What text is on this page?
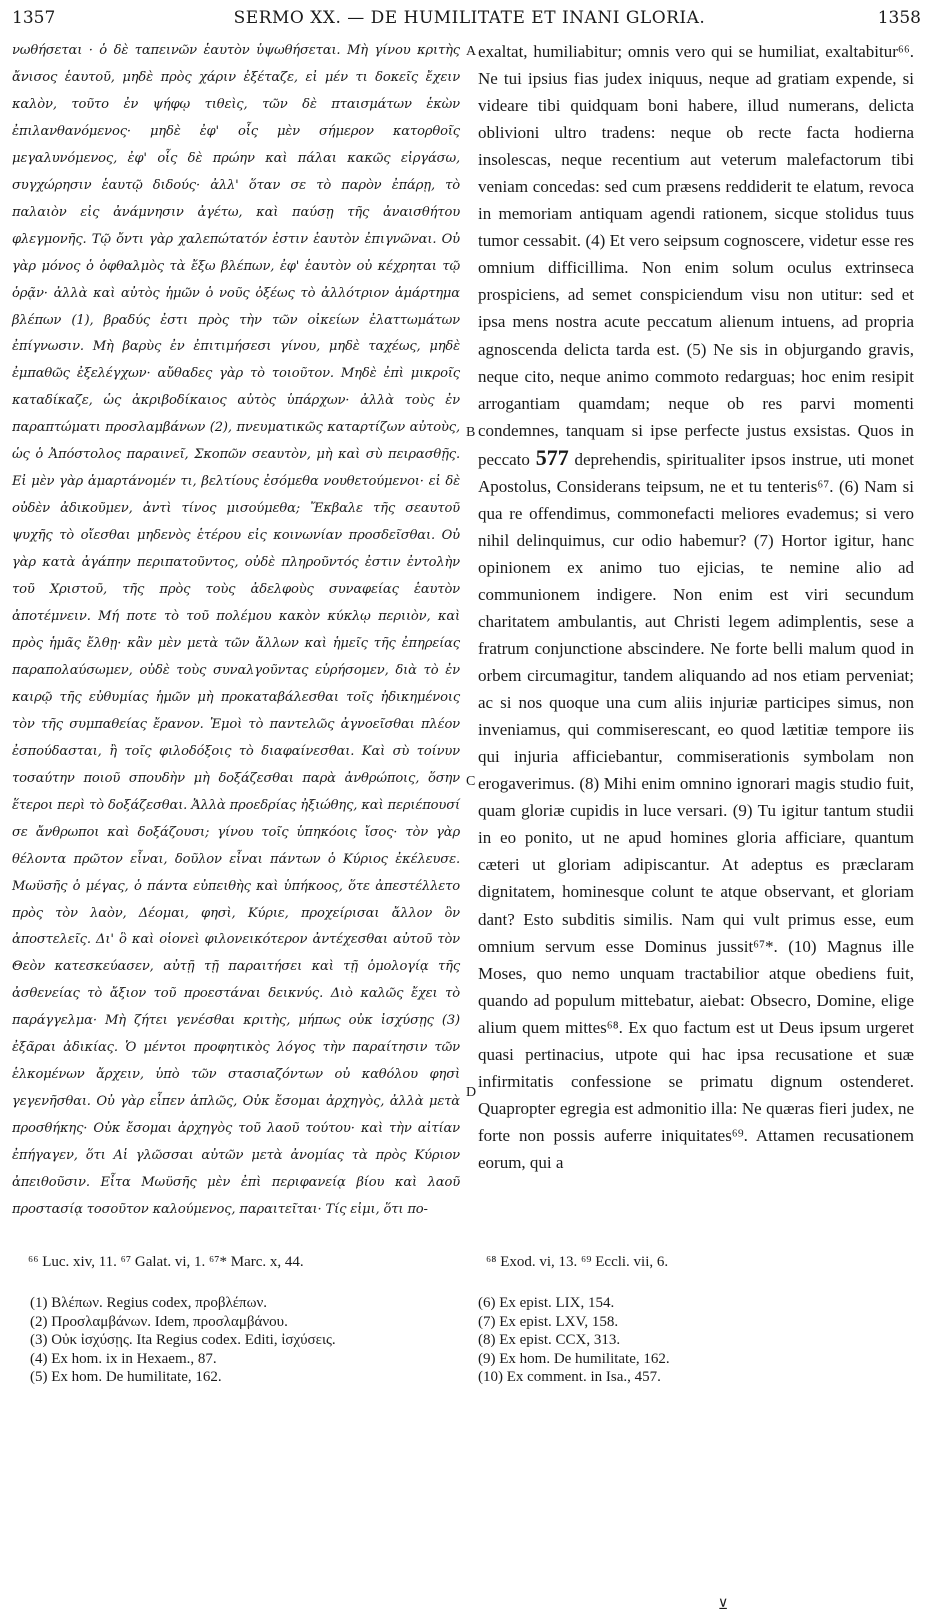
1357	SERMO XX. — DE HUMILITATE ET INANI GLORIA.	1358

νωθήσεται · ὁ δὲ ταπεινῶν ἑαυτὸν ὑψωθήσεται. Μὴ γίνου κριτὴς ἄνισος ἑαυτοῦ, μηδὲ πρὸς χάριν ἐξέταζε, εἰ μέν τι δοκεῖς ἔχειν καλὸν, τοῦτο ἐν ψήφῳ τιθεὶς, τῶν δὲ πταισμάτων ἑκὼν ἐπιλανθανόμενος· μηδὲ ἐφ' οἷς μὲν σήμερον κατορθοῖς μεγαλυνόμενος, ἐφ' οἷς δὲ πρώην καὶ πάλαι κακῶς εἰργάσω, συγχώρησιν ἑαυτῷ διδούς· ἀλλ' ὅταν σε τὸ παρὸν ἐπάρῃ, τὸ παλαιὸν εἰς ἀνάμνησιν ἀγέτω, καὶ παύσῃ τῆς ἀναισθήτου φλεγμονῆς. Τῷ ὄντι γὰρ χαλεπώτατόν ἐστιν ἑαυτὸν ἐπιγνῶναι. Οὐ γὰρ μόνος ὁ ὀφθαλμὸς τὰ ἔξω βλέπων, ἐφ' ἑαυτὸν οὐ κέχρηται τῷ ὁρᾷν· ἀλλὰ καὶ αὐτὸς ἡμῶν ὁ νοῦς ὀξέως τὸ ἀλλότριον ἁμάρτημα βλέπων (1), βραδύς ἐστι πρὸς τὴν τῶν οἰκείων ἐλαττωμάτων ἐπίγνωσιν. Μὴ βαρὺς ἐν ἐπιτιμήσεσι γίνου, μηδὲ ταχέως, μηδὲ ἐμπαθῶς ἐξελέγχων· αὔθαδες γὰρ τὸ τοιοῦτον. Μηδὲ ἐπὶ μικροῖς καταδίκαζε, ὡς ἀκριβοδίκαιος αὐτὸς ὑπάρχων· ἀλλὰ τοὺς ἐν παραπτώματι προσλαμβάνων (2), πνευματικῶς καταρτίζων αὐτοὺς, ὡς ὁ Ἀπόστολος παραινεῖ, Σκοπῶν σεαυτὸν, μὴ καὶ σὺ πειρασθῇς. Εἰ μὲν γὰρ ἁμαρτάνομέν τι, βελτίους ἐσόμεθα νουθετούμενοι· εἰ δὲ οὐδὲν ἀδικοῦμεν, ἀντὶ τίνος μισούμεθα; Ἔκβαλε τῆς σεαυτοῦ ψυχῆς τὸ οἴεσθαι μηδενὸς ἑτέρου εἰς κοινωνίαν προσδεῖσθαι. Οὐ γὰρ κατὰ ἀγάπην περιπατοῦντος, οὐδὲ πληροῦντός ἐστιν ἐντολὴν τοῦ Χριστοῦ, τῆς πρὸς τοὺς ἀδελφοὺς συναφείας ἑαυτὸν ἀποτέμνειν. Μή ποτε τὸ τοῦ πολέμου κακὸν κύκλῳ περιιὸν, καὶ πρὸς ἡμᾶς ἔλθῃ· κἂν μὲν μετὰ τῶν ἄλλων καὶ ἡμεῖς τῆς ἐπηρείας παραπολαύσωμεν, οὐδὲ τοὺς συναλγοῦντας εὑρήσομεν, διὰ τὸ ἐν καιρῷ τῆς εὐθυμίας ἡμῶν μὴ προκαταβάλεσθαι τοῖς ἠδικημένοις τὸν τῆς συμπαθείας ἔρανον. Ἐμοὶ τὸ παντελῶς ἀγνοεῖσθαι πλέον ἐσπούδασται, ἢ τοῖς φιλοδόξοις τὸ διαφαίνεσθαι. Καὶ σὺ τοίνυν τοσαύτην ποιοῦ σπουδὴν μὴ δοξάζεσθαι παρὰ ἀνθρώποις, ὅσην ἕτεροι περὶ τὸ δοξάζεσθαι. Ἀλλὰ προεδρίας ἠξιώθης, καὶ περιέπουσί σε ἄνθρωποι καὶ δοξάζουσι; γίνου τοῖς ὑπηκόοις ἴσος· τὸν γὰρ θέλοντα πρῶτον εἶναι, δοῦλον εἶναι πάντων ὁ Κύριος ἐκέλευσε. Μωϋσῆς ὁ μέγας, ὁ πάντα εὐπειθὴς καὶ ὑπήκοος, ὅτε ἀπεστέλλετο πρὸς τὸν λαὸν, Δέομαι, φησὶ, Κύριε, προχείρισαι ἄλλον ὃν ἀποστελεῖς. Δι' ὃ καὶ οἱονεὶ φιλονεικότερον ἀντέχεσθαι αὐτοῦ τὸν Θεὸν κατεσκεύασεν, αὐτῇ τῇ παραιτήσει καὶ τῇ ὁμολογίᾳ τῆς ἀσθενείας τὸ ἄξιον τοῦ προεστάναι δεικνύς. Διὸ καλῶς ἔχει τὸ παράγγελμα· Μὴ ζήτει γενέσθαι κριτὴς, μήπως οὐκ ἰσχύσῃς (3) ἐξᾶραι ἀδικίας. Ὁ μέντοι προφητικὸς λόγος τὴν παραίτησιν τῶν ἑλκομένων ἄρχειν, ὑπὸ τῶν στασιαζόντων οὐ καθόλου φησὶ γεγενῆσθαι. Οὐ γὰρ εἶπεν ἁπλῶς, Οὐκ ἔσομαι ἀρχηγὸς, ἀλλὰ μετὰ προσθήκης· Οὐκ ἔσομαι ἀρχηγὸς τοῦ λαοῦ τούτου· καὶ τὴν αἰτίαν ἐπήγαγεν, ὅτι Αἱ γλῶσσαι αὐτῶν μετὰ ἀνομίας τὰ πρὸς Κύριον ἀπειθοῦσιν. Εἶτα Μωϋσῆς μὲν ἐπὶ περιφανείᾳ βίου καὶ λαοῦ προστασίᾳ τοσοῦτον καλούμενος, παραιτεῖται· Τίς εἰμι, ὅτι πο-

exaltat, humiliabitur; omnis vero qui se humiliat, exaltabitur⁶⁶. Ne tui ipsius fias judex iniquus, neque ad gratiam expende, si videare tibi quidquam boni habere, illud numerans, delicta oblivioni ultro tradens: neque ob recte facta hodierna insolescas, neque recentium aut veterum malefactorum tibi veniam concedas: sed cum præsens reddiderit te elatum, revoca in memoriam antiquam agendi rationem, sicque stolidus tuus tumor cessabit. (4) Et vero seipsum cognoscere, videtur esse res omnium difficillima. Non enim solum oculus extrinseca prospiciens, ad semet conspiciendum visu non utitur: sed et ipsa mens nostra acute peccatum alienum intuens, ad propria agnoscenda delicta tarda est. (5) Ne sis in objurgando gravis, neque cito, neque animo commoto redarguas; hoc enim resipit arrogantiam quamdam; neque ob res parvi momenti condemnes, tanquam si ipse perfecte justus exsistas. Quos in peccato 577 deprehendis, spiritualiter ipsos instrue, uti monet Apostolus, Considerans teipsum, ne et tu tenteris⁶⁷. (6) Nam si qua re offendimus, commonefacti meliores evademus; si vero nihil delinquimus, cur odio habemur? (7) Hortor igitur, hanc opinionem ex animo tuo ejicias, te nemine alio ad communionem indigere. Non enim est viri secundum charitatem ambulantis, aut Christi legem adimplentis, sese a fratrum conjunctione abscindere. Ne forte belli malum quod in orbem circumagitur, tandem aliquando ad nos etiam perveniat; ac si nos quoque una cum aliis injuriæ participes simus, non inveniamus, qui commiserescant, eo quod lætitiæ tempore iis qui injuria afficiebantur, commiserationis symbolam non erogaverimus. (8) Mihi enim omnino ignorari magis studio fuit, quam gloriæ cupidis in luce versari. (9) Tu igitur tantum studii in eo ponito, ut ne apud homines gloria afficiare, quantum cæteri ut gloriam adipiscantur. At adeptus es præclaram dignitatem, hominesque colunt te atque observant, et gloriam dant? Esto subditis similis. Nam qui vult primus esse, eum omnium servum esse Dominus jussit⁶⁷*. (10) Magnus ille Moses, quo nemo unquam tractabilior atque obediens fuit, quando ad populum mittebatur, aiebat: Obsecro, Domine, elige alium quem mittes⁶⁸. Ex quo factum est ut Deus ipsum urgeret quasi pertinacius, utpote qui hac ipsa recusatione et suæ infirmitatis confessione se primatu dignum ostenderet. Quapropter egregia est admonitio illa: Ne quæras fieri judex, ne forte non possis auferre iniquitates⁶⁹. Attamen recusationem eorum, qui a

A
B
C
D
⁶⁶ Luc. xiv, 11. ⁶⁷ Galat. vi, 1. ⁶⁷* Marc. x, 44.	⁶⁸ Exod. vi, 13. ⁶⁹ Eccli. vii, 6.
(1) Βλέπων. Regius codex, προβλέπων.
(2) Προσλαμβάνων. Idem, προσλαμβάνου.
(3) Οὐκ ἰσχύσῃς. Ita Regius codex. Editi, ἰσχύσεις.
(4) Ex hom. ix in Hexaem., 87.
(5) Ex hom. De humilitate, 162.
(6) Ex epist. LIX, 154.
(7) Ex epist. LXV, 158.
(8) Ex epist. CCX, 313.
(9) Ex hom. De humilitate, 162.
(10) Ex comment. in Isa., 457.
⊻
